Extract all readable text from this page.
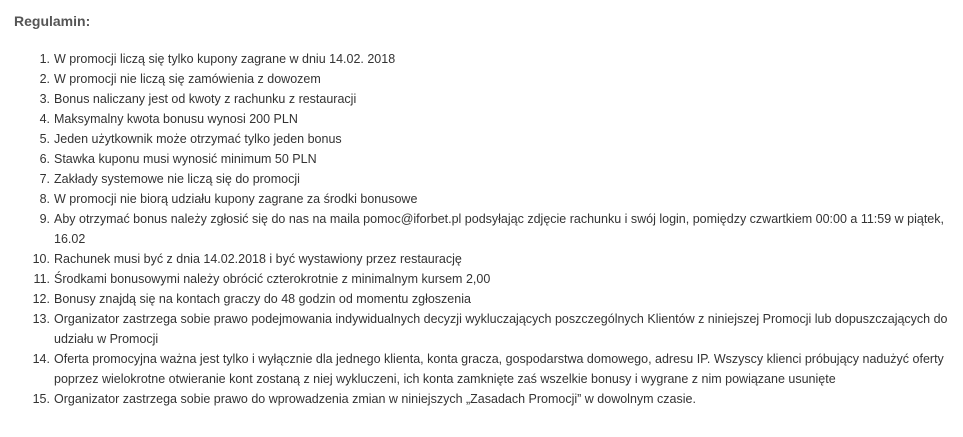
Regulamin:
1. W promocji liczą się tylko kupony zagrane w dniu 14.02. 2018
2. W promocji nie liczą się zamówienia z dowozem
3. Bonus naliczany jest od kwoty z rachunku z restauracji
4. Maksymalny kwota bonusu wynosi 200 PLN
5. Jeden użytkownik może otrzymać tylko jeden bonus
6. Stawka kuponu musi wynosić minimum 50 PLN
7. Zakłady systemowe nie liczą się do promocji
8. W promocji nie biorą udziału kupony zagrane za środki bonusowe
9. Aby otrzymać bonus należy zgłosić się do nas na maila pomoc@iforbet.pl podsyłając zdjęcie rachunku i swój login, pomiędzy czwartkiem 00:00 a 11:59 w piątek, 16.02
10. Rachunek musi być z dnia 14.02.2018 i być wystawiony przez restaurację
11. Środkami bonusowymi należy obrócić czterokrotnie z minimalnym kursem 2,00
12. Bonusy znajdą się na kontach graczy do 48 godzin od momentu zgłoszenia
13. Organizator zastrzega sobie prawo podejmowania indywidualnych decyzji wykluczających poszczególnych Klientów z niniejszej Promocji lub dopuszczających do udziału w Promocji
14. Oferta promocyjna ważna jest tylko i wyłącznie dla jednego klienta, konta gracza, gospodarstwa domowego, adresu IP. Wszyscy klienci próbujący nadużyć oferty poprzez wielokrotne otwieranie kont zostaną z niej wykluczeni, ich konta zamknięte zaś wszelkie bonusy i wygrane z nim powiązane usunięte
15. Organizator zastrzega sobie prawo do wprowadzenia zmian w niniejszych „Zasadach Promocji” w dowolnym czasie.
